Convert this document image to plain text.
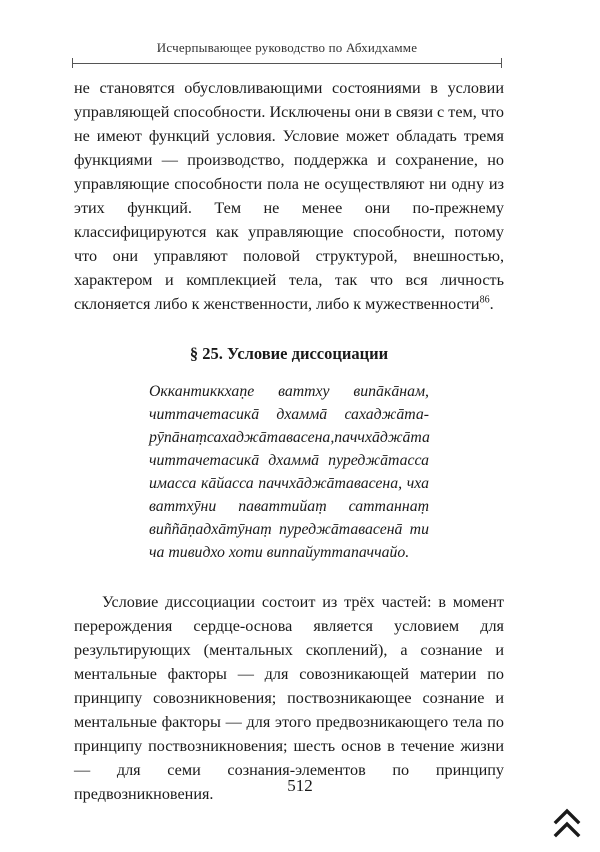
Исчерпывающее руководство по Абхидхамме

не становятся обусловливающими состояниями в условии управляющей способности. Исключены они в связи с тем, что не имеют функций условия. Условие может обладать тремя функциями — производство, поддержка и сохранение, но управляющие способности пола не осуществляют ни одну из этих функций. Тем не менее они по-прежнему классифицируются как управляющие способности, потому что они управляют половой структурой, внешностью, характером и комплекцией тела, так что вся личность склоняется либо к женственности, либо к мужественности$^{86}$.

§ 25. Условие диссоциации
Оккантиккхаṇе ваттху випāкāнам,
читтачетасикā дхаммā сахаджāта-
рӯпāнаṃсахаджāтавасена,паччхāджāта
читтачетасикā дхаммā пуреджāтасса
имасса кāйасса паччхāджāтавасена, чха
ваттхӯни паваттийаṃ саттаннаṃ
виññāṇадхāтӯнаṃ пуреджāтавасенā ти
ча тивидхо хоти виппайуттапаччайо.

Условие диссоциации состоит из трёх частей: в момент перерождения сердце-основа является условием для результирующих (ментальных скоплений), а сознание и ментальные факторы — для совозникающей материи по принципу совозникновения; поствозникающее сознание и ментальные факторы — для этого предвозникающего тела по принципу поствозникновения; шесть основ в течение жизни — для семи сознания-элементов по принципу предвозникновения.	512
